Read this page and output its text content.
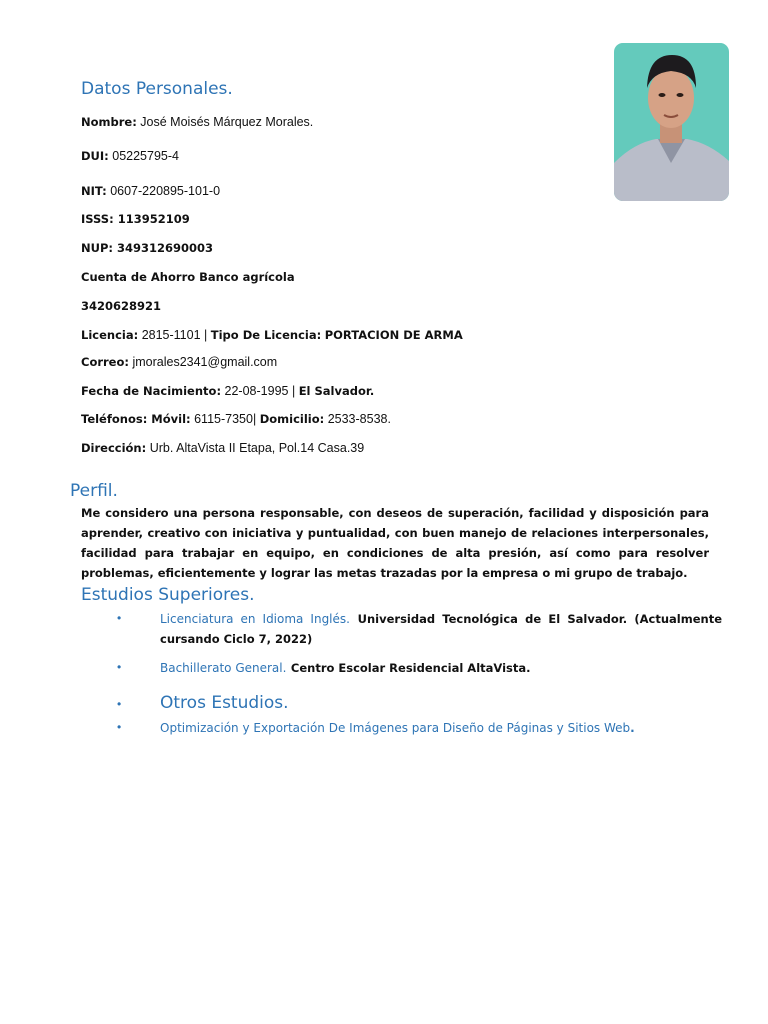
Datos Personales.
Nombre: José Moisés Márquez Morales.
DUI: 05225795-4
NIT: 0607-220895-101-0
ISSS: 113952109
NUP: 349312690003
Cuenta de Ahorro Banco agrícola
3420628921
Licencia: 2815-1101 | Tipo De Licencia: PORTACION DE ARMA
Correo: jmorales2341@gmail.com
Fecha de Nacimiento: 22-08-1995 | El Salvador.
Teléfonos: Móvil: 6115-7350| Domicilio: 2533-8538.
Dirección: Urb. AltaVista II Etapa, Pol.14 Casa.39
Perfil.

Me considero una persona responsable, con deseos de superación, facilidad y disposición para aprender, creativo con iniciativa y puntualidad, con buen manejo de relaciones interpersonales, facilidad para trabajar en equipo, en condiciones de alta presión, así como para resolver problemas, eficientemente y lograr las metas trazadas por la empresa o mi grupo de trabajo.

Estudios Superiores.
•	Licenciatura en Idioma Inglés. Universidad Tecnológica de El Salvador. (Actualmente cursando Ciclo 7, 2022)
•	Bachillerato General. Centro Escolar Residencial AltaVista.
• Otros Estudios.
•	Optimización y Exportación De Imágenes para Diseño de Páginas y Sitios Web.
